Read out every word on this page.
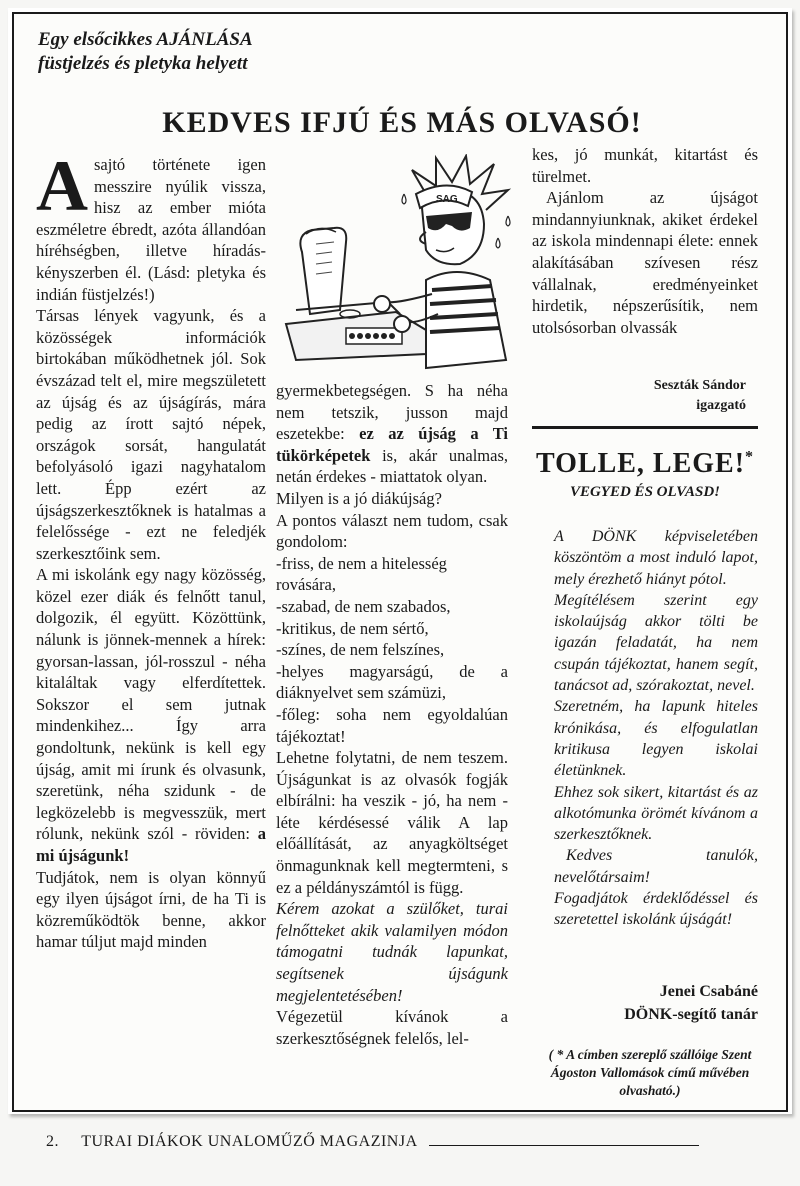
Egy elsőcikkes AJÁNLÁSA
füstjelzés és pletyka helyett
KEDVES IFJÚ ÉS MÁS OLVASÓ!

A sajtó története igen messzire nyúlik vissza, hisz az ember mióta eszméletre ébredt, azóta állandóan híréhségben, illetve híradás-kényszerben él. (Lásd: pletyka és indián füstjelzés!)

Társas lények vagyunk, és a közösségek információk birtokában működhetnek jól. Sok évszázad telt el, mire megszületett az újság és az újságírás, mára pedig az írott sajtó népek, országok sorsát, hangulatát befolyásoló igazi nagyhatalom lett. Épp ezért az újságszerkesztőknek is hatalmas a felelőssége - ezt ne feledjék szerkesztőink sem.

A mi iskolánk egy nagy közösség, közel ezer diák és felnőtt tanul, dolgozik, él együtt. Közöttünk, nálunk is jönnek-mennek a hírek: gyorsan-lassan, jól-rosszul - néha kitaláltak vagy elferdítettek. Sokszor el sem jutnak mindenkihez... Így arra gondoltunk, nekünk is kell egy újság, amit mi írunk és olvasunk, szeretünk, néha szidunk - de legközelebb is megvesszük, mert rólunk, nekünk szól - röviden: a mi újságunk!

Tudjátok, nem is olyan könnyű egy ilyen újságot írni, de ha Ti is közreműködtök benne, akkor hamar túljut majd minden

SAG

gyermekbetegségen. S ha néha nem tetszik, jusson majd eszetekbe: ez az újság a Ti tükörképetek is, akár unalmas, netán érdekes - miattatok olyan.

Milyen is a jó diákújság?

A pontos választ nem tudom, csak gondolom:

-friss, de nem a hitelesség rovására,

-szabad, de nem szabados,

-kritikus, de nem sértő,

-színes, de nem felszínes,

-helyes magyarságú, de a diáknyelvet sem számüzi,

-főleg: soha nem egyoldalúan tájékoztat!

Lehetne folytatni, de nem teszem. Újságunkat is az olvasók fogják elbírálni: ha veszik - jó, ha nem - léte kérdésessé válik A lap előállítását, az anyagköltséget önmagunknak kell megtermteni, s ez a példányszámtól is függ.

Kérem azokat a szülőket, turai felnőtteket akik valamilyen módon támogatni tudnák lapunkat, segítsenek újságunk megjelentetésében!

Végezetül kívánok a szerkesztőségnek felelős, lel-

kes, jó munkát, kitartást és türelmet.

Ajánlom az újságot mindannyiunknak, akiket érdekel az iskola mindennapi élete: ennek alakításában szívesen rész vállalnak, eredményeinket hirdetik, népszerűsítik, nem utolsósorban olvassák

Seszták Sándor
igazgató
TOLLE, LEGE!*
VEGYED ÉS OLVASD!

A DÖNK képviseletében köszöntöm a most induló lapot, mely érezhető hiányt pótol.

Megítélésem szerint egy iskolaújság akkor tölti be igazán feladatát, ha nem csupán tájékoztat, hanem segít, tanácsot ad, szórakoztat, nevel.

Szeretném, ha lapunk hiteles krónikása, és elfogulatlan kritikusa legyen iskolai életünknek.

Ehhez sok sikert, kitartást és az alkotómunka örömét kívánom a szerkesztőknek.

Kedves tanulók, nevelőtársaim!

Fogadjátok érdeklődéssel és szeretettel iskolánk újságát!

Jenei Csabáné
DÖNK-segítő tanár
( * A címben szereplő szállóige Szent Ágoston Vallomások című művében olvasható.)
2. TURAI DIÁKOK UNALOMŰZŐ MAGAZINJA
